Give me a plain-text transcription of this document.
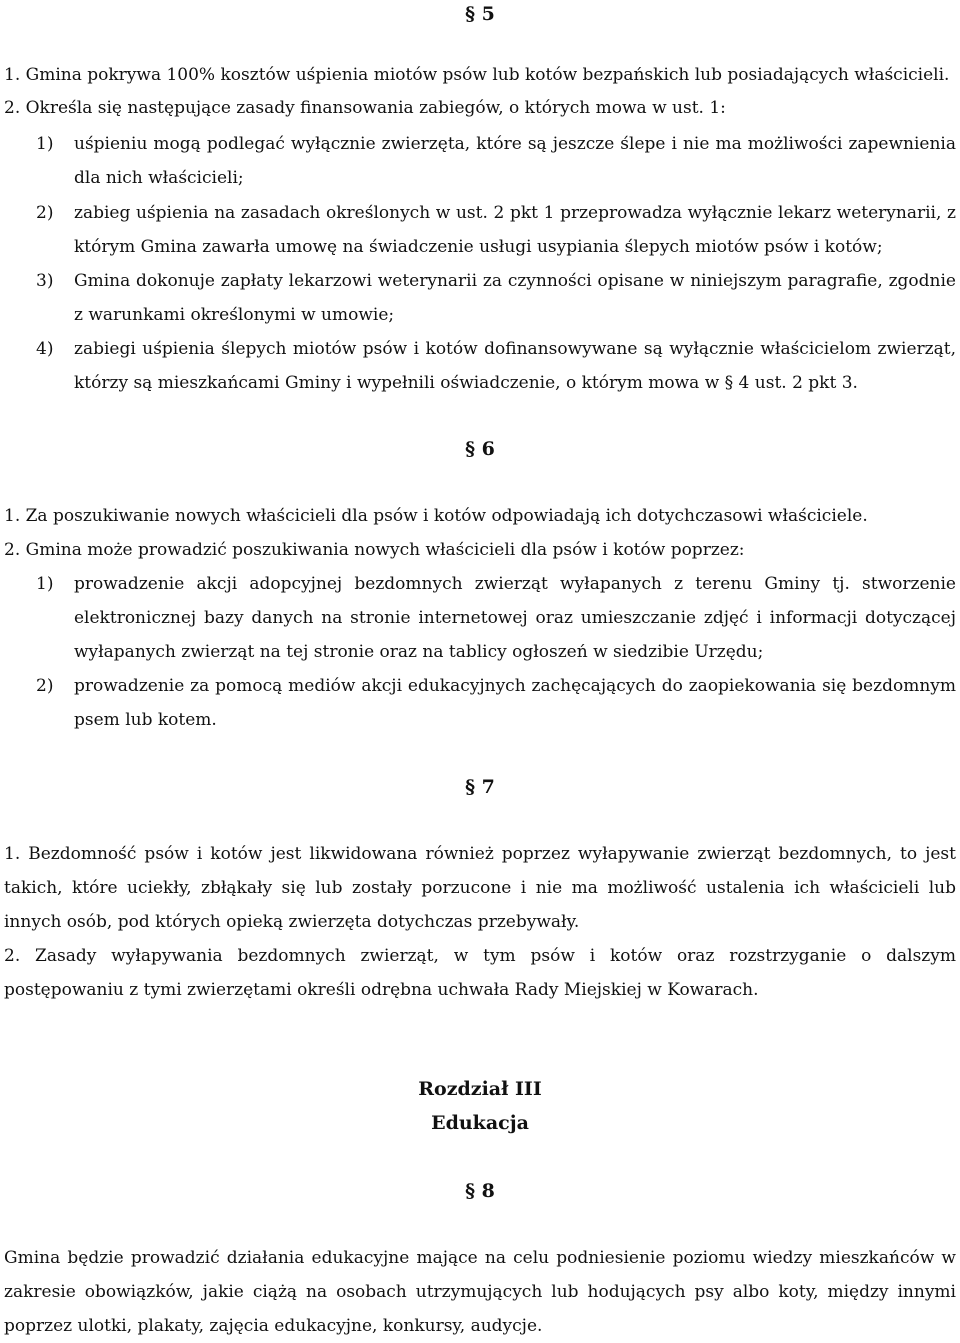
§ 5

1. Gmina pokrywa 100% kosztów uśpienia miotów psów lub kotów bezpańskich lub posiadających właścicieli.

2. Określa się następujące zasady finansowania zabiegów, o których mowa w ust. 1:

1) uśpieniu mogą podlegać wyłącznie zwierzęta, które są jeszcze ślepe i nie ma możliwości zapewnienia dla nich właścicieli;
2) zabieg uśpienia na zasadach określonych w ust. 2 pkt 1 przeprowadza wyłącznie lekarz weterynarii, z którym Gmina zawarła umowę na świadczenie usługi usypiania ślepych miotów psów i kotów;
3) Gmina dokonuje zapłaty lekarzowi weterynarii za czynności opisane w niniejszym paragrafie, zgodnie z warunkami określonymi w umowie;
4) zabiegi uśpienia ślepych miotów psów i kotów dofinansowywane są wyłącznie właścicielom zwierząt, którzy są mieszkańcami Gminy i wypełnili oświadczenie, o którym mowa w § 4 ust. 2 pkt 3.
§ 6

1. Za poszukiwanie nowych właścicieli dla psów i kotów odpowiadają ich dotychczasowi właściciele.

2. Gmina może prowadzić poszukiwania nowych właścicieli dla psów i kotów poprzez:

1) prowadzenie akcji adopcyjnej bezdomnych zwierząt wyłapanych z terenu Gminy tj. stworzenie elektronicznej bazy danych na stronie internetowej oraz umieszczanie zdjęć i informacji dotyczącej wyłapanych zwierząt na tej stronie oraz na tablicy ogłoszeń w siedzibie Urzędu;
2) prowadzenie za pomocą mediów akcji edukacyjnych zachęcających do zaopiekowania się bezdomnym psem lub kotem.
§ 7

1. Bezdomność psów i kotów jest likwidowana również poprzez wyłapywanie zwierząt bezdomnych, to jest takich, które uciekły, zbłąkały się lub zostały porzucone i nie ma możliwość ustalenia ich właścicieli lub innych osób, pod których opieką zwierzęta dotychczas przebywały.

2. Zasady wyłapywania bezdomnych zwierząt, w tym psów i kotów oraz rozstrzyganie o dalszym postępowaniu z tymi zwierzętami określi odrębna uchwała Rady Miejskiej w Kowarach.

Rozdział III
Edukacja
§ 8

Gmina będzie prowadzić działania edukacyjne mające na celu podniesienie poziomu wiedzy mieszkańców w zakresie obowiązków, jakie ciążą na osobach utrzymujących lub hodujących psy albo koty, między innymi poprzez ulotki, plakaty, zajęcia edukacyjne, konkursy, audycje.
